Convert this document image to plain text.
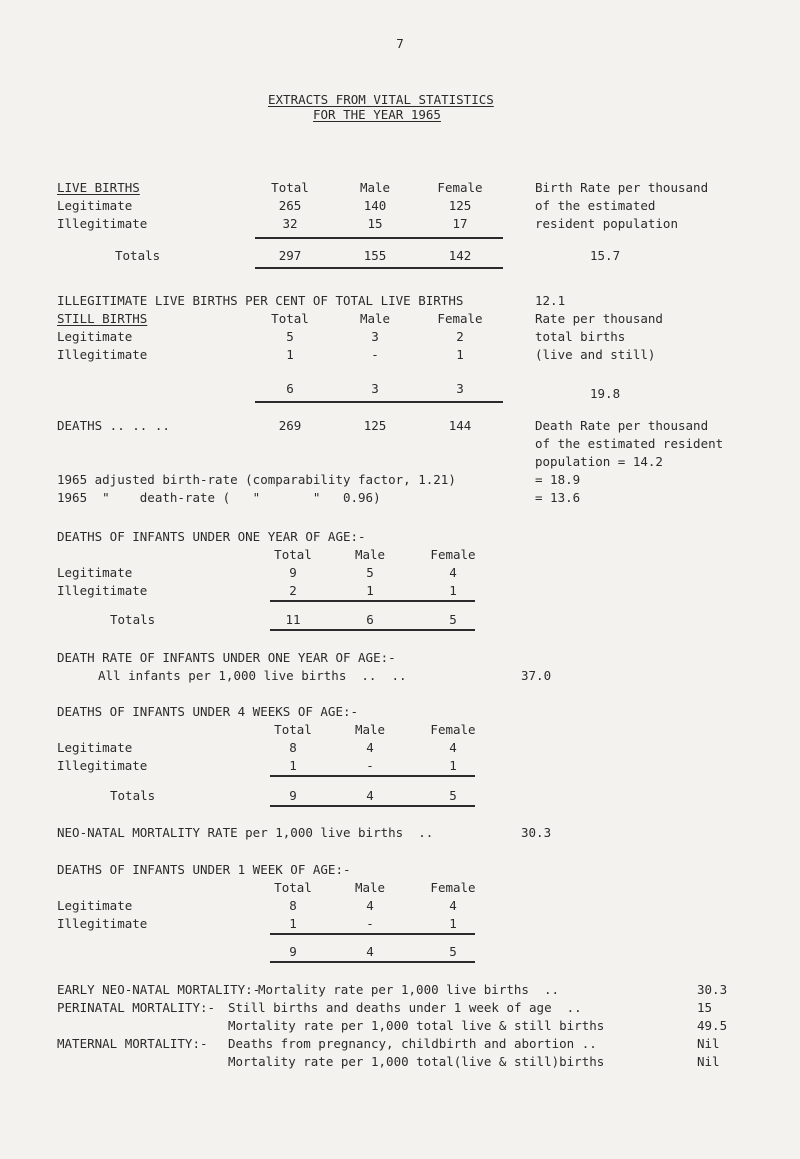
7
EXTRACTS FROM VITAL STATISTICS
FOR THE YEAR 1965
LIVE BIRTHS	Total	Male	Female
Legitimate	265	140	125
Illegitimate	32	15	17
Totals	297	155	142
Birth Rate per thousand
of the estimated
resident population
15.7
ILLEGITIMATE LIVE BIRTHS PER CENT OF TOTAL LIVE BIRTHS	12.1
STILL BIRTHS	Total	Male	Female
Legitimate	5	3	2
Illegitimate	1	-	1
6	3	3
Rate per thousand
total births
(live and still)
19.8
DEATHS .. .. ..	269	125	144	Death Rate per thousand
of the estimated resident
population = 14.2
1965 adjusted birth-rate (comparability factor, 1.21)	= 18.9
1965  "    death-rate (   "       "   0.96)	= 13.6
DEATHS OF INFANTS UNDER ONE YEAR OF AGE:-
Total	Male	Female
Legitimate	9	5	4
Illegitimate	2	1	1
Totals	11	6	5
DEATH RATE OF INFANTS UNDER ONE YEAR OF AGE:-
All infants per 1,000 live births  ..  ..	37.0
DEATHS OF INFANTS UNDER 4 WEEKS OF AGE:-
Total	Male	Female
Legitimate	8	4	4
Illegitimate	1	-	1
Totals	9	4	5
NEO-NATAL MORTALITY RATE per 1,000 live births  ..	30.3
DEATHS OF INFANTS UNDER 1 WEEK OF AGE:-
Total	Male	Female
Legitimate	8	4	4
Illegitimate	1	-	1
9	4	5
EARLY NEO-NATAL MORTALITY:-
Mortality rate per 1,000 live births  ..	30.3
PERINATAL MORTALITY:- Still births and deaths under 1 week of age  ..	15
Mortality rate per 1,000 total live & still births	49.5
MATERNAL MORTALITY:- Deaths from pregnancy, childbirth and abortion ..	Nil
Mortality rate per 1,000 total(live & still)births	Nil
